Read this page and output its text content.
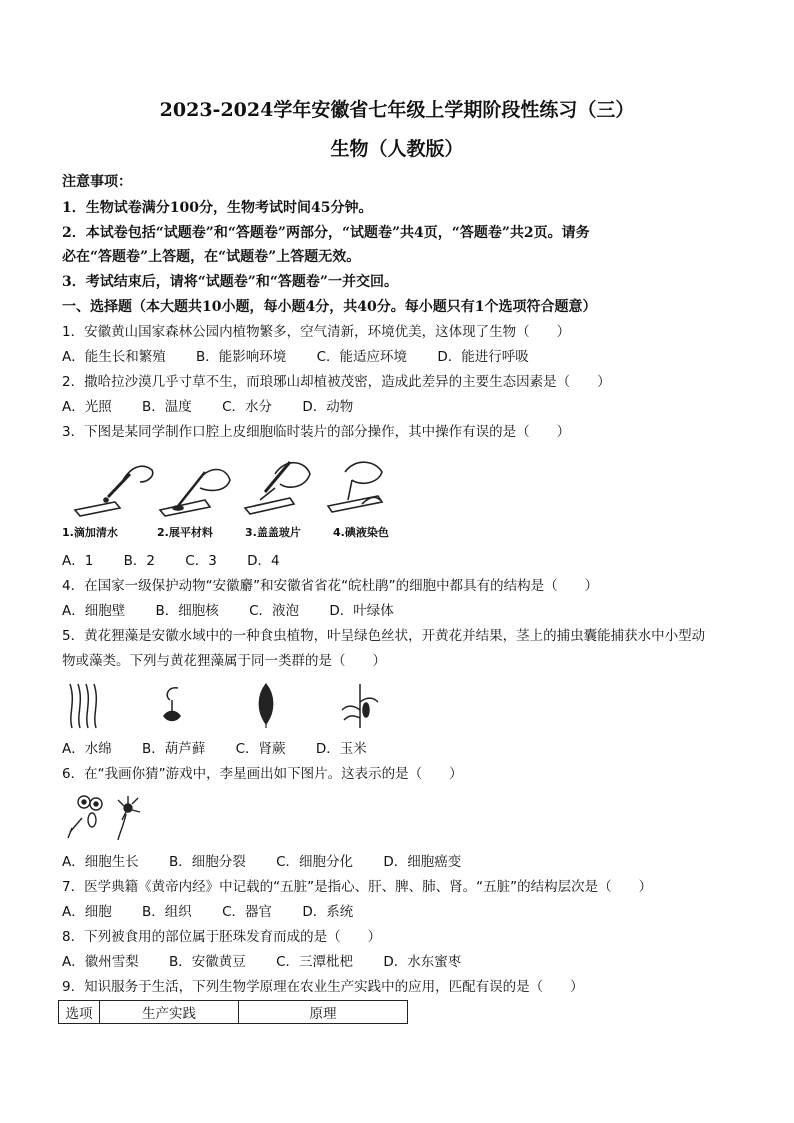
2023-2024学年安徽省七年级上学期阶段性练习（三）
生物（人教版）
注意事项：
1．生物试卷满分100分，生物考试时间45分钟。
2．本试卷包括“试题卷”和“答题卷”两部分，“试题卷”共4页，“答题卷”共2页。请务
必在“答题卷”上答题，在“试题卷”上答题无效。
3．考试结束后，请将“试题卷”和“答题卷”一并交回。
一、选择题（本大题共10小题，每小题4分，共40分。每小题只有1个选项符合题意）
1．安徽黄山国家森林公园内植物繁多，空气清新，环境优美，这体现了生物（　　）
A．能生长和繁殖 B．能影响环境 C．能适应环境 D．能进行呼吸
2．撒哈拉沙漠几乎寸草不生，而琅琊山却植被茂密，造成此差异的主要生态因素是（　　）
A．光照 B．温度 C．水分 D．动物
3．下图是某同学制作口腔上皮细胞临时装片的部分操作，其中操作有误的是（　　）
1.滴加清水	2.展平材料	3.盖盖玻片	4.碘液染色
A．1 B．2 C．3 D．4
4．在国家一级保护动物“安徽麝”和安徽省省花“皖杜鹃”的细胞中都具有的结构是（　　）
A．细胞壁 B．细胞核 C．液泡 D．叶绿体
5．黄花狸藻是安徽水域中的一种食虫植物，叶呈绿色丝状，开黄花并结果，茎上的捕虫囊能捕获水中小型动
物或藻类。下列与黄花狸藻属于同一类群的是（　　）
A．水绵 B．葫芦藓 C．肾蕨 D．玉米
6．在“我画你猜”游戏中，李星画出如下图片。这表示的是（　　）
A．细胞生长 B．细胞分裂 C．细胞分化 D．细胞癌变
7．医学典籍《黄帝内经》中记载的“五脏”是指心、肝、脾、肺、肾。“五脏”的结构层次是（　　）
A．细胞 B．组织 C．器官 D．系统
8．下列被食用的部位属于胚珠发育而成的是（　　）
A．徽州雪梨 B．安徽黄豆 C．三潭枇杷 D．水东蜜枣
9．知识服务于生活，下列生物学原理在农业生产实践中的应用，匹配有误的是（　　）
选项	生产实践	原理
